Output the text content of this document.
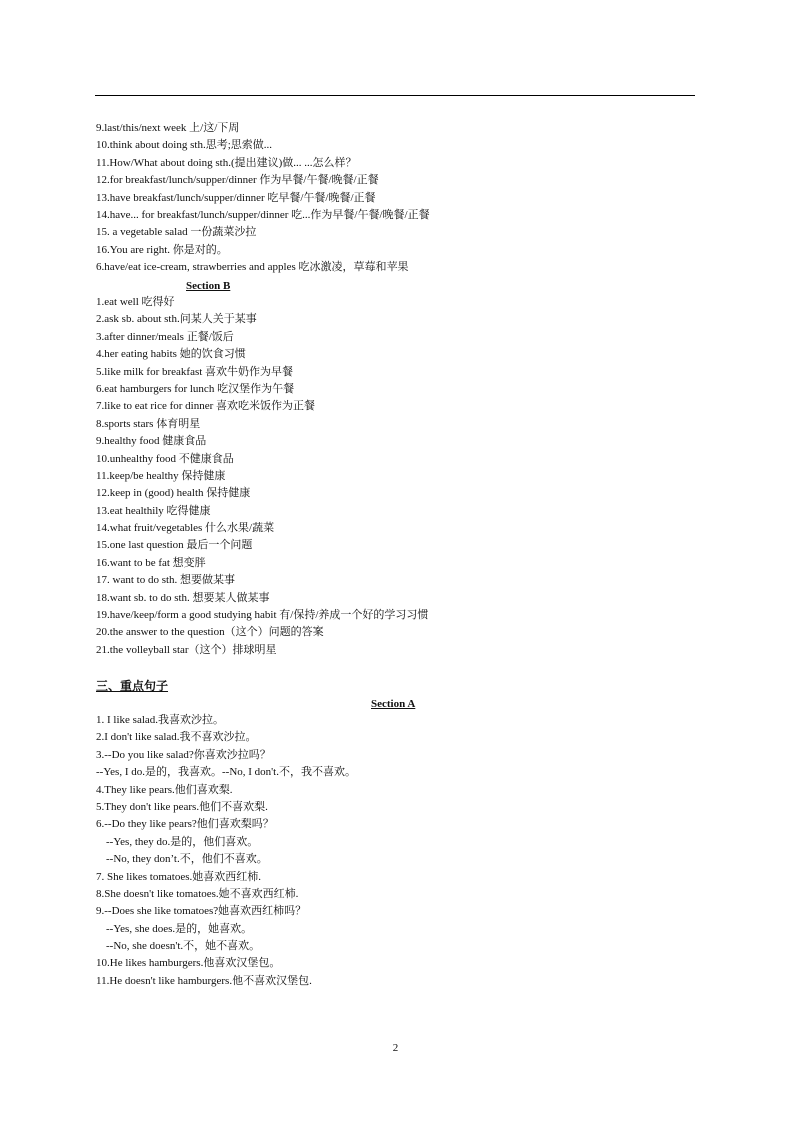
9.last/this/next week 上/这/下周
10.think about doing sth.思考;思索做...
11.How/What about doing sth.(提出建议)做... ...怎么样？
12.for breakfast/lunch/supper/dinner 作为早餐/午餐/晚餐/正餐
13.have breakfast/lunch/supper/dinner 吃早餐/午餐/晚餐/正餐
14.have... for breakfast/lunch/supper/dinner 吃...作为早餐/午餐/晚餐/正餐
15. a vegetable salad 一份蔬菜沙拉
16.You are right. 你是对的。
6.have/eat ice-cream, strawberries and apples 吃冰激凌，草莓和苹果
Section B
1.eat well 吃得好
2.ask sb. about sth.问某人关于某事
3.after dinner/meals 正餐/饭后
4.her eating habits 她的饮食习惯
5.like milk for breakfast 喜欢牛奶作为早餐
6.eat hamburgers for lunch 吃汉堡作为午餐
7.like to eat rice for dinner 喜欢吃米饭作为正餐
8.sports stars 体育明星
9.healthy food 健康食品
10.unhealthy food 不健康食品
11.keep/be healthy 保持健康
12.keep in (good) health 保持健康
13.eat healthily 吃得健康
14.what fruit/vegetables 什么水果/蔬菜
15.one last question 最后一个问题
16.want to be fat 想变胖
17. want to do sth. 想要做某事
18.want sb. to do sth. 想要某人做某事
19.have/keep/form a good studying habit 有/保持/养成一个好的学习习惯
20.the answer to the question（这个）问题的答案
21.the volleyball star（这个）排球明星
三、重点句子
Section A
1. I like salad.我喜欢沙拉。
2.I don't like salad.我不喜欢沙拉。
3.--Do you like salad?你喜欢沙拉吗？
--Yes, I do.是的，我喜欢。--No, I don't.不，我不喜欢。
4.They like pears.他们喜欢梨.
5.They don't like pears.他们不喜欢梨.
6.--Do they like pears?他们喜欢梨吗？
--Yes, they do.是的，他们喜欢。
--No, they don’t.不，他们不喜欢。
7. She likes tomatoes.她喜欢西红柿.
8.She doesn't like tomatoes.她不喜欢西红柿.
9.--Does she like tomatoes?她喜欢西红柿吗？
--Yes, she does.是的，她喜欢。
--No, she doesn't.不，她不喜欢。
10.He likes hamburgers.他喜欢汉堡包。
11.He doesn't like hamburgers.他不喜欢汉堡包.
2
